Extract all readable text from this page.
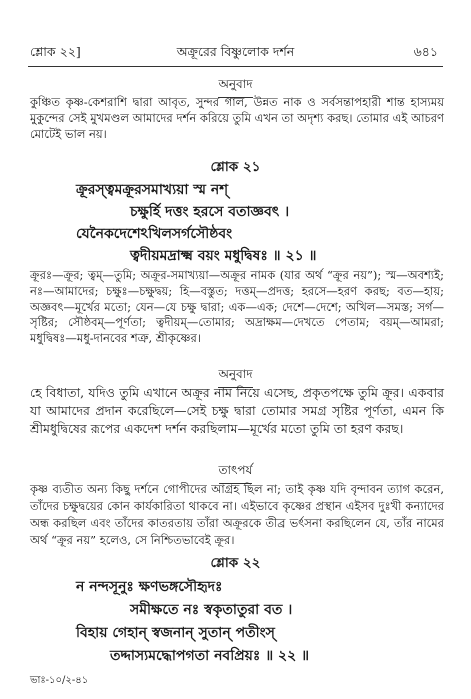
শ্লোক ২২]	অক্রূরের বিষ্ণুলোক দর্শন	৬৪১
অনুবাদ
কুঞ্চিত কৃষ্ণ-কেশরাশি দ্বারা আবৃত, সুন্দর গাল, উন্নত নাক ও সর্বসন্তাপহারী শান্ত হাস্যময় মুকুন্দের সেই মুখমণ্ডল আমাদের দর্শন করিয়ে তুমি এখন তা অদৃশ্য করছ। তোমার এই আচরণ মোটেই ভাল নয়।
শ্লোক ২১
ক্রূরস্ত্বমক্রূরসমাখ্যয়া স্ম নশ্
চক্ষুর্হি দত্তং হরসে বতাজ্ঞবৎ ।
যেনৈকদেশেঽখিলসর্গসৌষ্ঠবং
ত্বদীয়মদ্রাক্ষ্ম বয়ং মধুদ্বিষঃ ॥ ২১ ॥
ক্রূরঃ—ক্রূর; ত্বম্—তুমি; অক্রূর-সমাখ্যয়া—অক্রূর নামক (যার অর্থ “ক্রূর নয়”); স্ম—অবশ্যই; নঃ—আমাদের; চক্ষুঃ—চক্ষুদ্বয়; হি—বস্তুত; দত্তম্—প্রদত্ত; হরসে—হরণ করছ; বত—হায়; অজ্ঞবৎ—মূর্খের মতো; যেন—যে চক্ষু দ্বারা; এক—এক; দেশে—দেশে; অখিল—সমস্ত; সর্গ—সৃষ্টির; সৌষ্ঠবম্—পূর্ণতা; ত্বদীয়ম্—তোমার; অদ্রাক্ষম—দেখতে পেতাম; বয়ম্—আমরা; মধুদ্বিষঃ—মধু-দানবের শত্রু, শ্রীকৃষ্ণের।
অনুবাদ
হে বিধাতা, যদিও তুমি এখানে অক্রূর নাম নিয়ে এসেছ, প্রকৃতপক্ষে তুমি ক্রূর। একবার যা আমাদের প্রদান করেছিলে—সেই চক্ষু দ্বারা তোমার সমগ্র সৃষ্টির পূর্ণতা, এমন কি শ্রীমধুদ্বিষের রূপের একদেশ দর্শন করছিলাম—মূর্খের মতো তুমি তা হরণ করছ।
তাৎপর্য
কৃষ্ণ ব্যতীত অন্য কিছু দর্শনে গোপীদের আগ্রহ ছিল না; তাই কৃষ্ণ যদি বৃন্দাবন ত্যাগ করেন, তাঁদের চক্ষুদ্বয়ের কোন কার্যকারিতা থাকবে না। এইভাবে কৃষ্ণের প্রস্থান এইসব দুঃখী কন্যাদের অন্ধ করছিল এবং তাঁদের কাতরতায় তাঁরা অক্রূরকে তীব্র ভর্ৎসনা করছিলেন যে, তাঁর নামের অর্থ “ক্রূর নয়” হলেও, সে নিশ্চিতভাবেই ক্রূর।
শ্লোক ২২
ন নন্দসূনুঃ ক্ষণভঙ্গসৌহৃদঃ
সমীক্ষতে নঃ স্বকৃতাতুরা বত ।
বিহায় গেহান্ স্বজনান্ সুতান্ পতীংস্
তদ্দাস্যমদ্ধোপগতা নবপ্রিয়ঃ ॥ ২২ ॥
ভাঃ-১০/২-৪১
